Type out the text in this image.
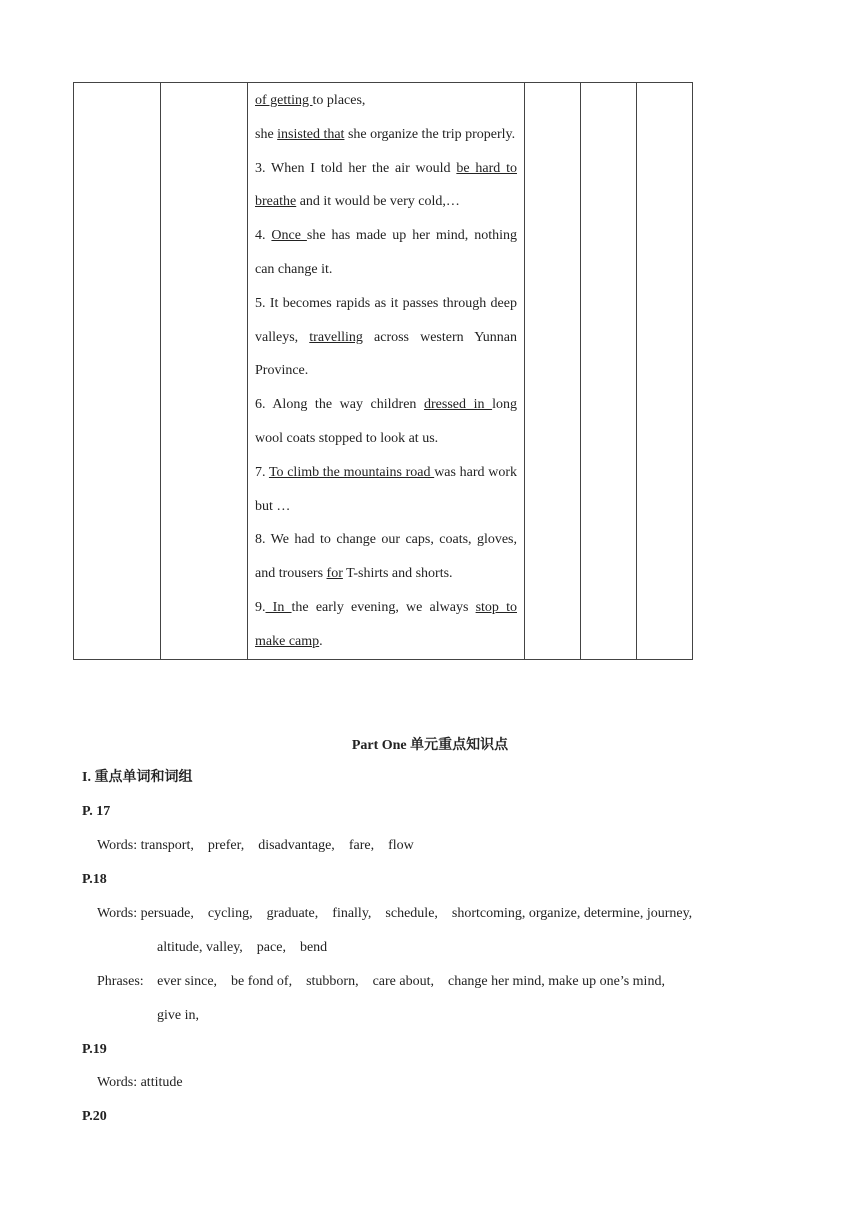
of getting to places,

she insisted that she organize the trip properly.

3. When I told her the air would be hard to breathe and it would be very cold,…

4. Once she has made up her mind, nothing can change it.

5. It becomes rapids as it passes through deep valleys, travelling across western Yunnan Province.

6. Along the way children dressed in long wool coats stopped to look at us.

7. To climb the mountains road was hard work but …

8. We had to change our caps, coats, gloves, and trousers for T-shirts and shorts.

9. In the early evening, we always stop to make camp.

Part One 单元重点知识点
I. 重点单词和词组
P. 17
Words: transport, prefer, disadvantage, fare, flow
P.18
Words: persuade, cycling, graduate, finally, schedule, shortcoming, organize, determine, journey,
altitude, valley, pace, bend
Phrases: ever since, be fond of, stubborn, care about, change her mind, make up one’s mind,
give in,
P.19
Words: attitude
P.20
